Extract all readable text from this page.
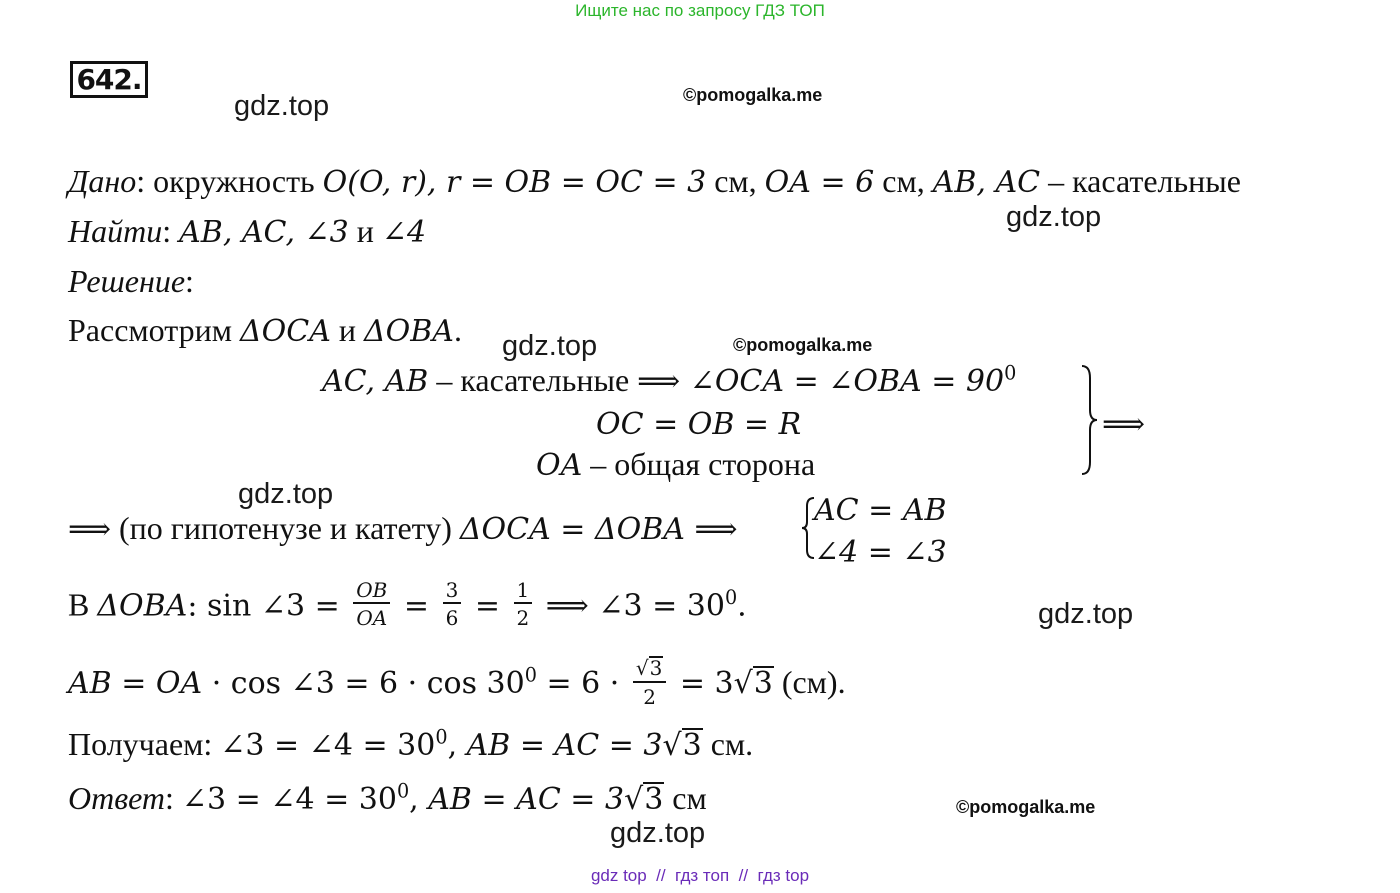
Ищите нас по запросу ГДЗ ТОП
642.
gdz.top	©pomogalka.me
gdz.top
gdz.top	©pomogalka.me
gdz.top
gdz.top
©pomogalka.me
gdz.top
Дано: окружность O(O, r), r = OB = OC = 3 см, OA = 6 см, AB, AC – касательные
Найти: AB, AC, ∠3 и ∠4
Решение:
Рассмотрим ΔOCA и ΔOBA.
AC, AB – касательные ⟹ ∠OCA = ∠OBA = $90^0$
OC = OB = R
OA – общая сторона
⟹
⟹ (по гипотенузе и катету) ΔOCA = ΔOBA ⟹
AC = AB
∠4 = ∠3
В ΔOBA: sin ∠3 = $\frac{OB}{OA} = \frac{3}{6} = \frac{1}{2}$ ⟹ ∠3 = $30^0$.
AB = OA · cos ∠3 = $6 \cdot \cos 30^0 = 6 \cdot \frac{√3}{2} = 3√3$ (см).
Получаем: ∠3 = ∠4 = $30^0$, AB = AC = 3√3 см.
Ответ: ∠3 = ∠4 = $30^0$, AB = AC = 3√3 см
gdz top  //  гдз топ  //  гдз top
